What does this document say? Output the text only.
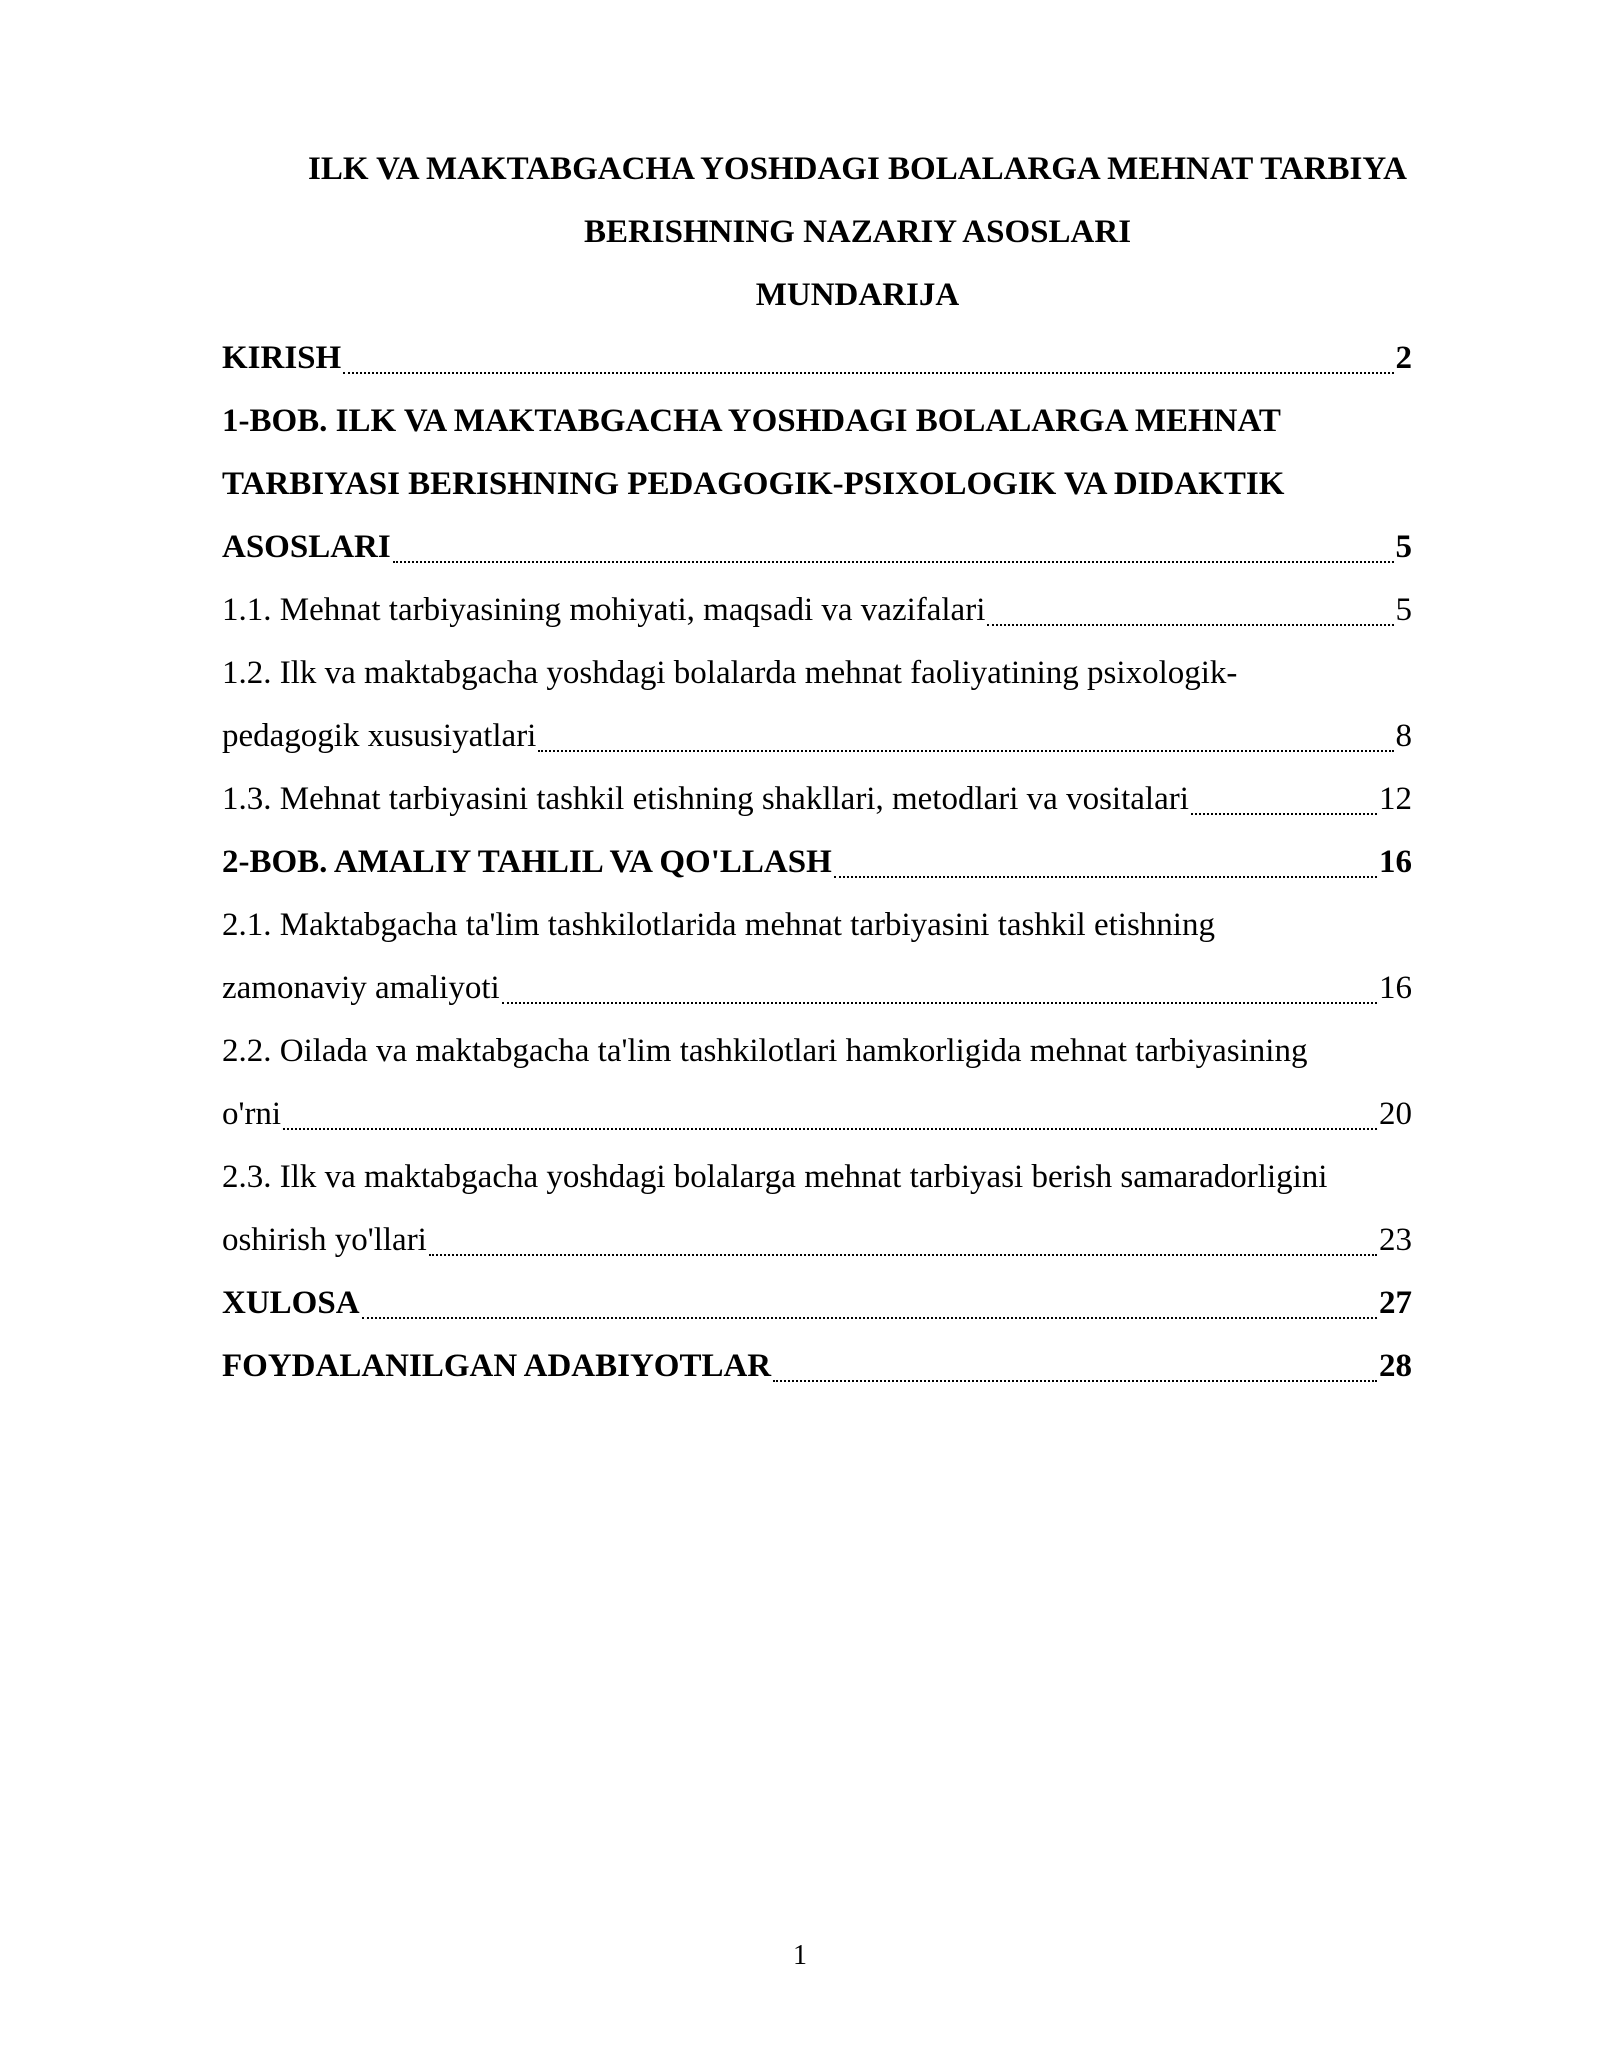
ILK VA MAKTABGACHA YOSHDAGI BOLALARGA MEHNAT TARBIYA
BERISHNING NAZARIY ASOSLARI
MUNDARIJA
KIRISH	2
1-BOB. ILK VA MAKTABGACHA YOSHDAGI BOLALARGA MEHNAT
TARBIYASI BERISHNING PEDAGOGIK-PSIXOLOGIK VA DIDAKTIK
ASOSLARI	5
1.1. Mehnat tarbiyasining mohiyati, maqsadi va vazifalari	5
1.2. Ilk va maktabgacha yoshdagi bolalarda mehnat faoliyatining psixologik-
pedagogik xususiyatlari	8
1.3. Mehnat tarbiyasini tashkil etishning shakllari, metodlari va vositalari	12
2-BOB. AMALIY TAHLIL VA QO'LLASH	16
2.1. Maktabgacha ta'lim tashkilotlarida mehnat tarbiyasini tashkil etishning
zamonaviy amaliyoti	16
2.2. Oilada va maktabgacha ta'lim tashkilotlari hamkorligida mehnat tarbiyasining
o'rni	20
2.3. Ilk va maktabgacha yoshdagi bolalarga mehnat tarbiyasi berish samaradorligini
oshirish yo'llari	23
XULOSA	27
FOYDALANILGAN ADABIYOTLAR	28
1
